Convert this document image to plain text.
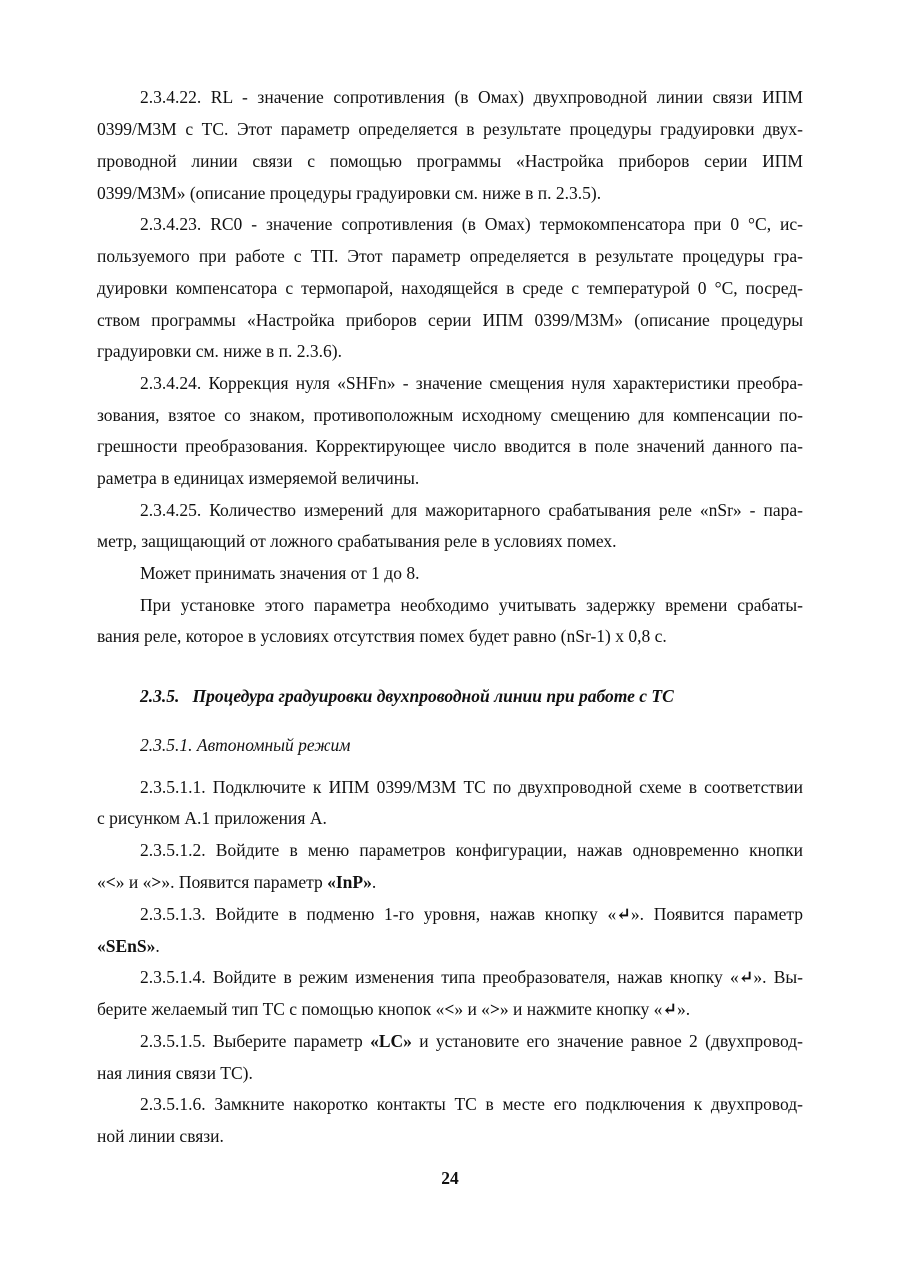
2.3.4.22. RL - значение сопротивления (в Омах) двухпроводной линии связи ИПМ
0399/М3М с ТС. Этот параметр определяется в результате процедуры градуировки двух-
проводной линии связи с помощью программы «Настройка приборов серии ИПМ
0399/М3М» (описание процедуры градуировки см. ниже в п. 2.3.5).
2.3.4.23. RC0 - значение сопротивления (в Омах) термокомпенсатора при 0 °С, ис-
пользуемого при работе с ТП. Этот параметр определяется в результате процедуры гра-
дуировки компенсатора с термопарой, находящейся в среде с температурой 0 °С, посред-
ством программы «Настройка приборов серии ИПМ 0399/М3М» (описание процедуры
градуировки см. ниже в п. 2.3.6).
2.3.4.24. Коррекция нуля «SHFn» - значение смещения нуля характеристики преобра-
зования, взятое со знаком, противоположным исходному смещению для компенсации по-
грешности преобразования. Корректирующее число вводится в поле значений данного па-
раметра в единицах измеряемой величины.
2.3.4.25. Количество измерений для мажоритарного срабатывания реле «nSr» - пара-
метр, защищающий от ложного срабатывания реле в условиях помех.
Может принимать значения от 1 до 8.
При установке этого параметра необходимо учитывать задержку времени срабаты-
вания реле, которое в условиях отсутствия помех будет равно (nSr-1) х 0,8 с.
2.3.5.   Процедура градуировки двухпроводной линии при работе с ТС
2.3.5.1. Автономный режим
2.3.5.1.1. Подключите к ИПМ 0399/М3М ТС по двухпроводной схеме в соответствии
с рисунком А.1 приложения А.
2.3.5.1.2. Войдите в меню параметров конфигурации, нажав одновременно кнопки
«<» и «>». Появится параметр «InP».
2.3.5.1.3. Войдите в подменю 1-го уровня, нажав кнопку «↵». Появится параметр
«SEnS».
2.3.5.1.4. Войдите в режим изменения типа преобразователя, нажав кнопку «↵». Вы-
берите желаемый тип ТС с помощью кнопок «<» и «>» и нажмите кнопку «↵».
2.3.5.1.5. Выберите параметр «LC» и установите его значение равное 2 (двухпровод-
ная линия связи ТС).
2.3.5.1.6. Замкните накоротко контакты ТС в месте его подключения к двухпровод-
ной линии связи.
24
